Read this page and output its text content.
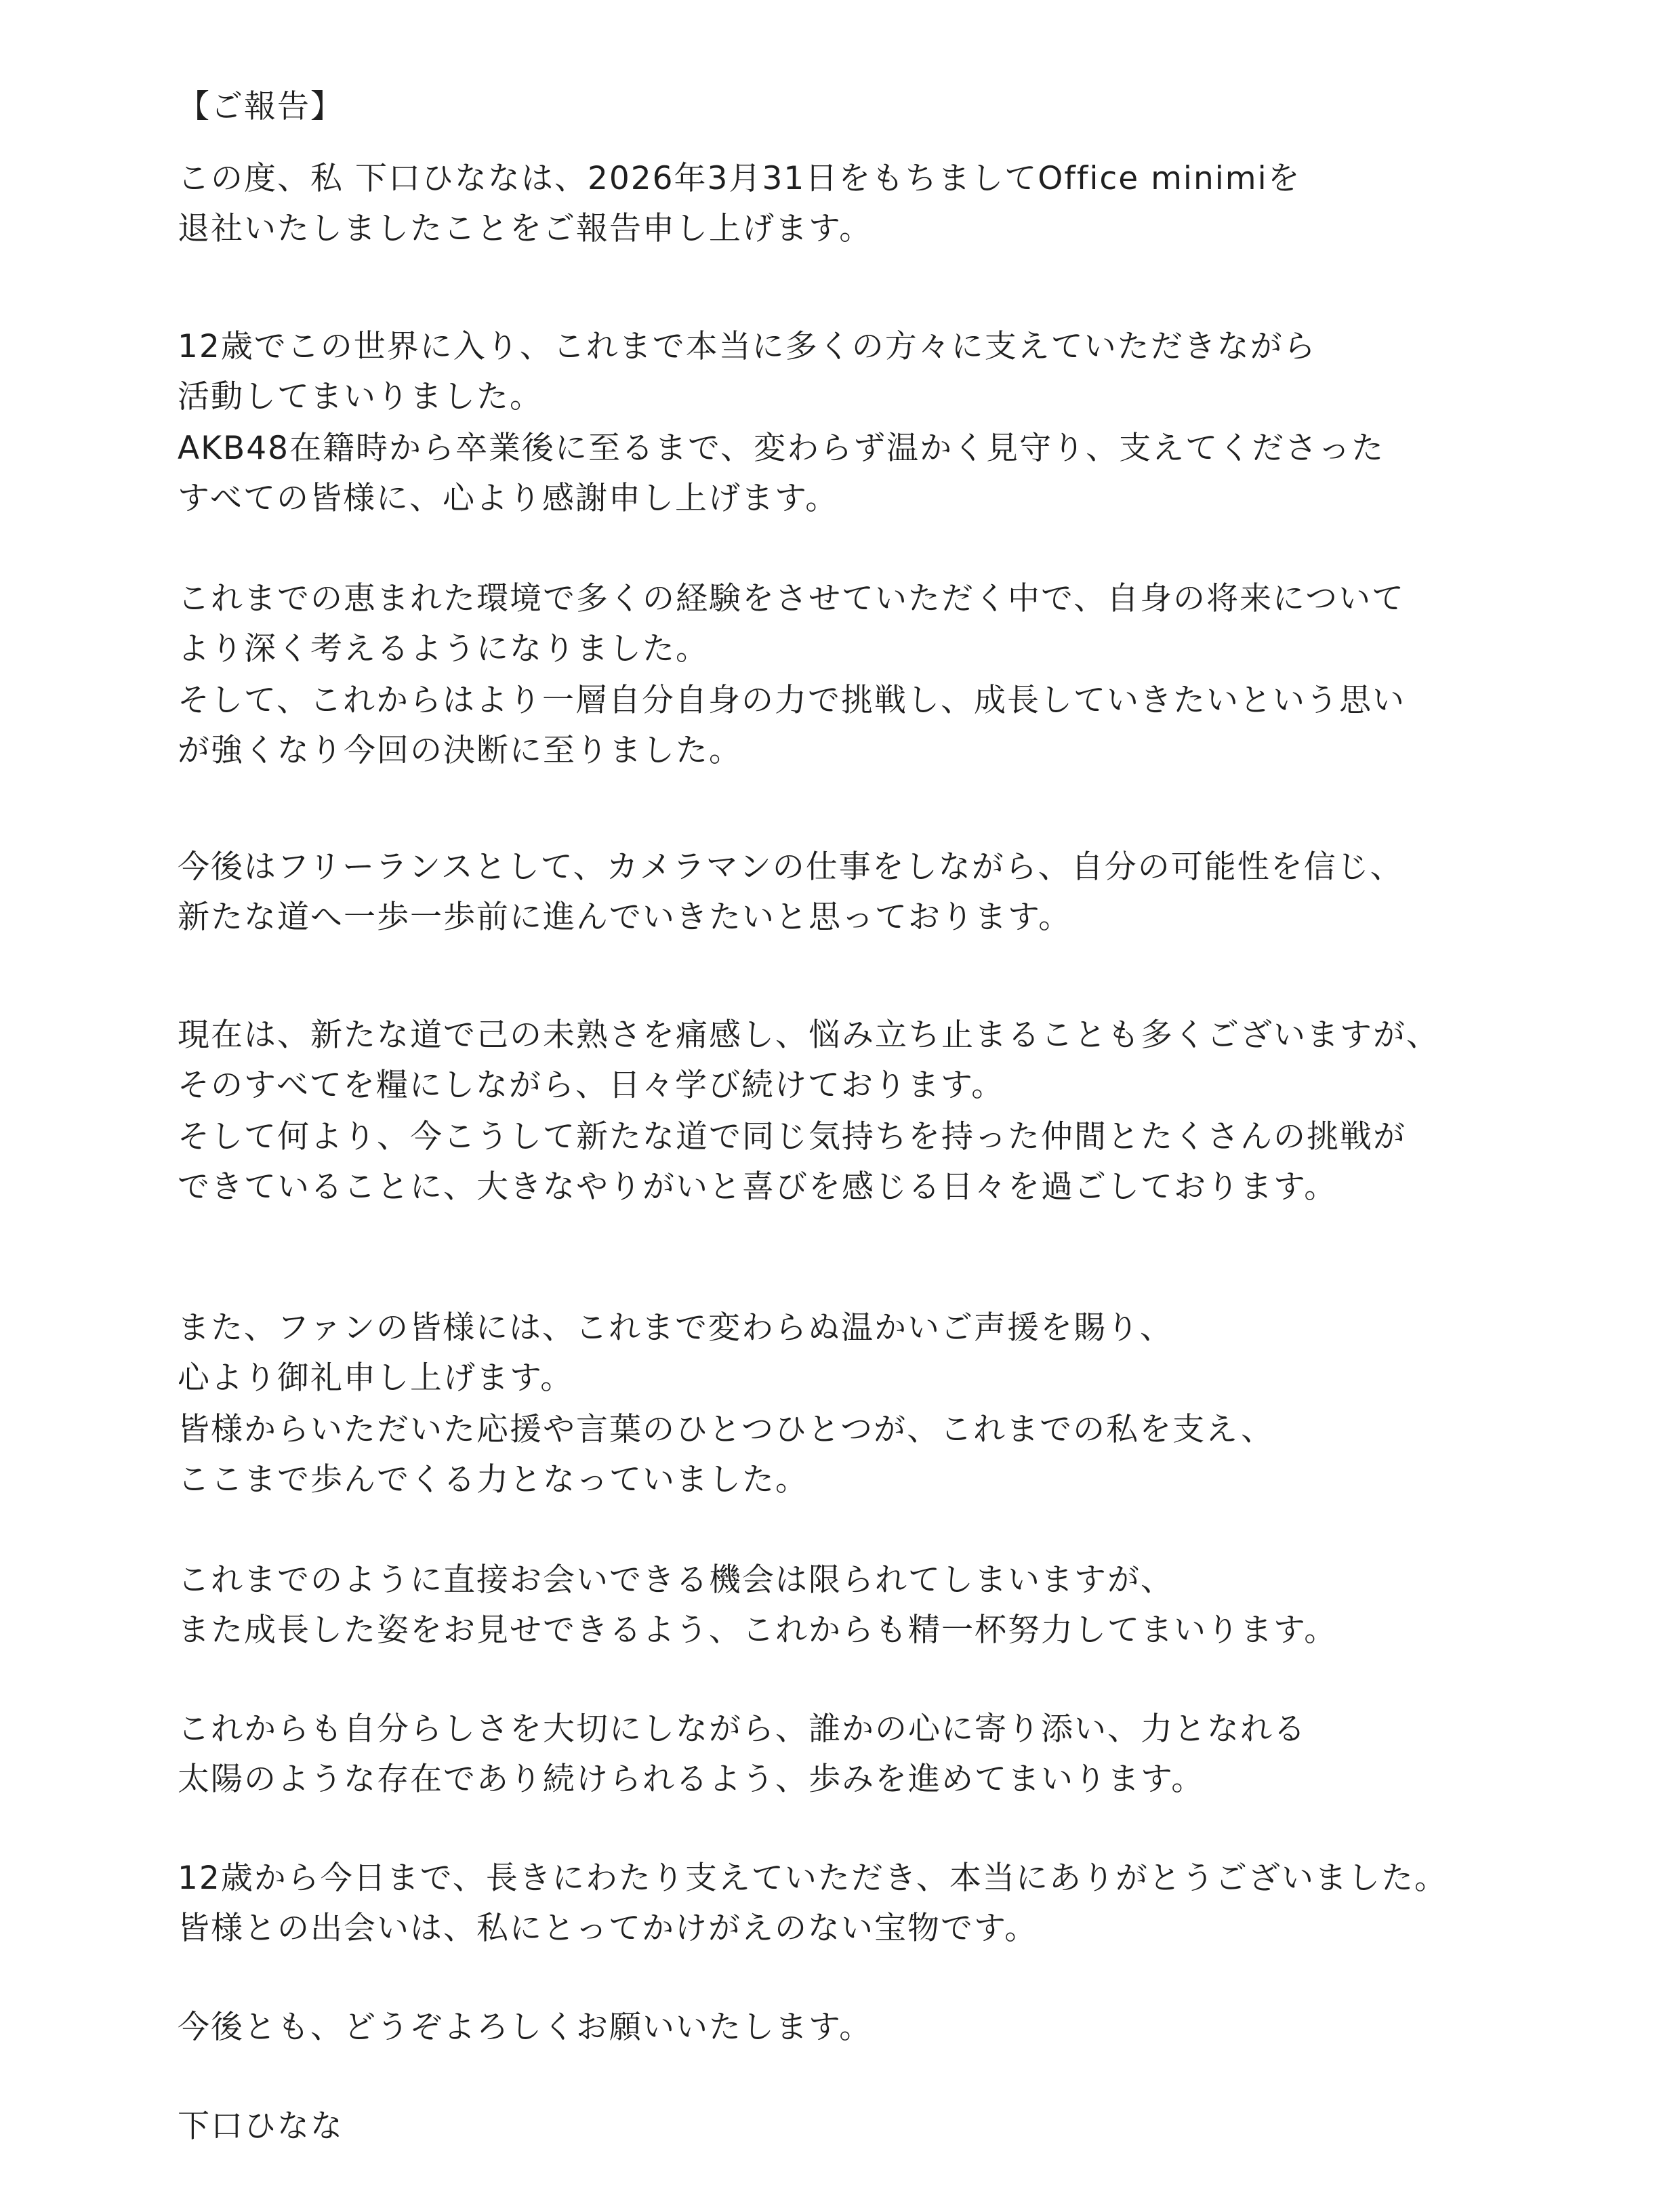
【ご報告】
この度、私 下口ひななは、2026年3月31日をもちましてOffice minimiを
退社いたしましたことをご報告申し上げます。
12歳でこの世界に入り、これまで本当に多くの方々に支えていただきながら
活動してまいりました。
AKB48在籍時から卒業後に至るまで、変わらず温かく見守り、支えてくださった
すべての皆様に、心より感謝申し上げます。
これまでの恵まれた環境で多くの経験をさせていただく中で、自身の将来について
より深く考えるようになりました。
そして、これからはより一層自分自身の力で挑戦し、成長していきたいという思い
が強くなり今回の決断に至りました。
今後はフリーランスとして、カメラマンの仕事をしながら、自分の可能性を信じ、
新たな道へ一歩一歩前に進んでいきたいと思っております。
現在は、新たな道で己の未熟さを痛感し、悩み立ち止まることも多くございますが、
そのすべてを糧にしながら、日々学び続けております。
そして何より、今こうして新たな道で同じ気持ちを持った仲間とたくさんの挑戦が
できていることに、大きなやりがいと喜びを感じる日々を過ごしております。
また、ファンの皆様には、これまで変わらぬ温かいご声援を賜り、
心より御礼申し上げます。
皆様からいただいた応援や言葉のひとつひとつが、これまでの私を支え、
ここまで歩んでくる力となっていました。
これまでのように直接お会いできる機会は限られてしまいますが、
また成長した姿をお見せできるよう、これからも精一杯努力してまいります。
これからも自分らしさを大切にしながら、誰かの心に寄り添い、力となれる
太陽のような存在であり続けられるよう、歩みを進めてまいります。
12歳から今日まで、長きにわたり支えていただき、本当にありがとうございました。
皆様との出会いは、私にとってかけがえのない宝物です。
今後とも、どうぞよろしくお願いいたします。
下口ひなな
